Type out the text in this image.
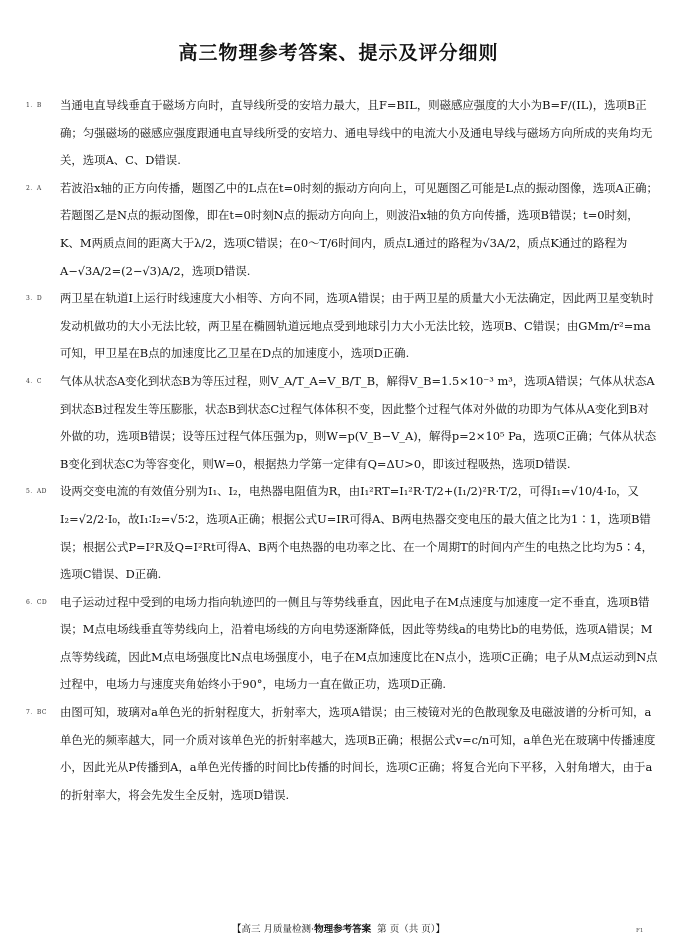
高三物理参考答案、提示及评分细则

1．B 当通电直导线垂直于磁场方向时，直导线所受的安培力最大，且F=BIL，则磁感应强度的大小为B=F/(IL)，选项B正确；匀强磁场的磁感应强度跟通电直导线所受的安培力、通电导线中的电流大小及通电导线与磁场方向所成的夹角均无关，选项A、C、D错误.

2．A 若波沿x轴的正方向传播，题图乙中的L点在t=0时刻的振动方向向上，可见题图乙可能是L点的振动图像，选项A正确；若题图乙是N点的振动图像，即在t=0时刻N点的振动方向向上，则波沿x轴的负方向传播，选项B错误；t=0时刻，K、M两质点间的距离大于λ/2，选项C错误；在0～T/6时间内，质点L通过的路程为√3A/2，质点K通过的路程为A−√3A/2=(2−√3)A/2，选项D错误.

3．D 两卫星在轨道Ⅰ上运行时线速度大小相等、方向不同，选项A错误；由于两卫星的质量大小无法确定，因此两卫星变轨时发动机做功的大小无法比较，两卫星在椭圆轨道远地点受到地球引力大小无法比较，选项B、C错误；由GMm/r²=ma可知，甲卫星在B点的加速度比乙卫星在D点的加速度小，选项D正确.

4．C 气体从状态A变化到状态B为等压过程，则V_A/T_A=V_B/T_B，解得V_B=1.5×10⁻³ m³，选项A错误；气体从状态A到状态B过程发生等压膨胀，状态B到状态C过程气体体积不变，因此整个过程气体对外做的功即为气体从A变化到B对外做的功，选项B错误；设等压过程气体压强为p，则W=p(V_B−V_A)，解得p=2×10⁵ Pa，选项C正确；气体从状态B变化到状态C为等容变化，则W=0，根据热力学第一定律有Q=ΔU>0，即该过程吸热，选项D错误.

5．AD 设两交变电流的有效值分别为I₁、I₂，电热器电阻值为R，由I₁²RT=I₁²R·T/2+(I₁/2)²R·T/2，可得I₁=√10/4·I₀，又I₂=√2/2·I₀，故I₁∶I₂=√5∶2，选项A正确；根据公式U=IR可得A、B两电热器交变电压的最大值之比为1∶1，选项B错误；根据公式P=I²R及Q=I²Rt可得A、B两个电热器的电功率之比、在一个周期T的时间内产生的电热之比均为5∶4，选项C错误、D正确.

6．CD 电子运动过程中受到的电场力指向轨迹凹的一侧且与等势线垂直，因此电子在M点速度与加速度一定不垂直，选项B错误；M点电场线垂直等势线向上，沿着电场线的方向电势逐渐降低，因此等势线a的电势比b的电势低，选项A错误；M点等势线疏，因此M点电场强度比N点电场强度小，电子在M点加速度比在N点小，选项C正确；电子从M点运动到N点过程中，电场力与速度夹角始终小于90°，电场力一直在做正功，选项D正确.

7．BC 由图可知，玻璃对a单色光的折射程度大，折射率大，选项A错误；由三棱镜对光的色散现象及电磁波谱的分析可知，a单色光的频率越大，同一介质对该单色光的折射率越大，选项B正确；根据公式v=c/n可知，a单色光在玻璃中传播速度小，因此光从P传播到A，a单色光传播的时间比b传播的时间长，选项C正确；将复合光向下平移，入射角增大，由于a的折射率大，将会先发生全反射，选项D错误.

【高三 月质量检测·物理参考答案 第 页（共 页）】	F1
